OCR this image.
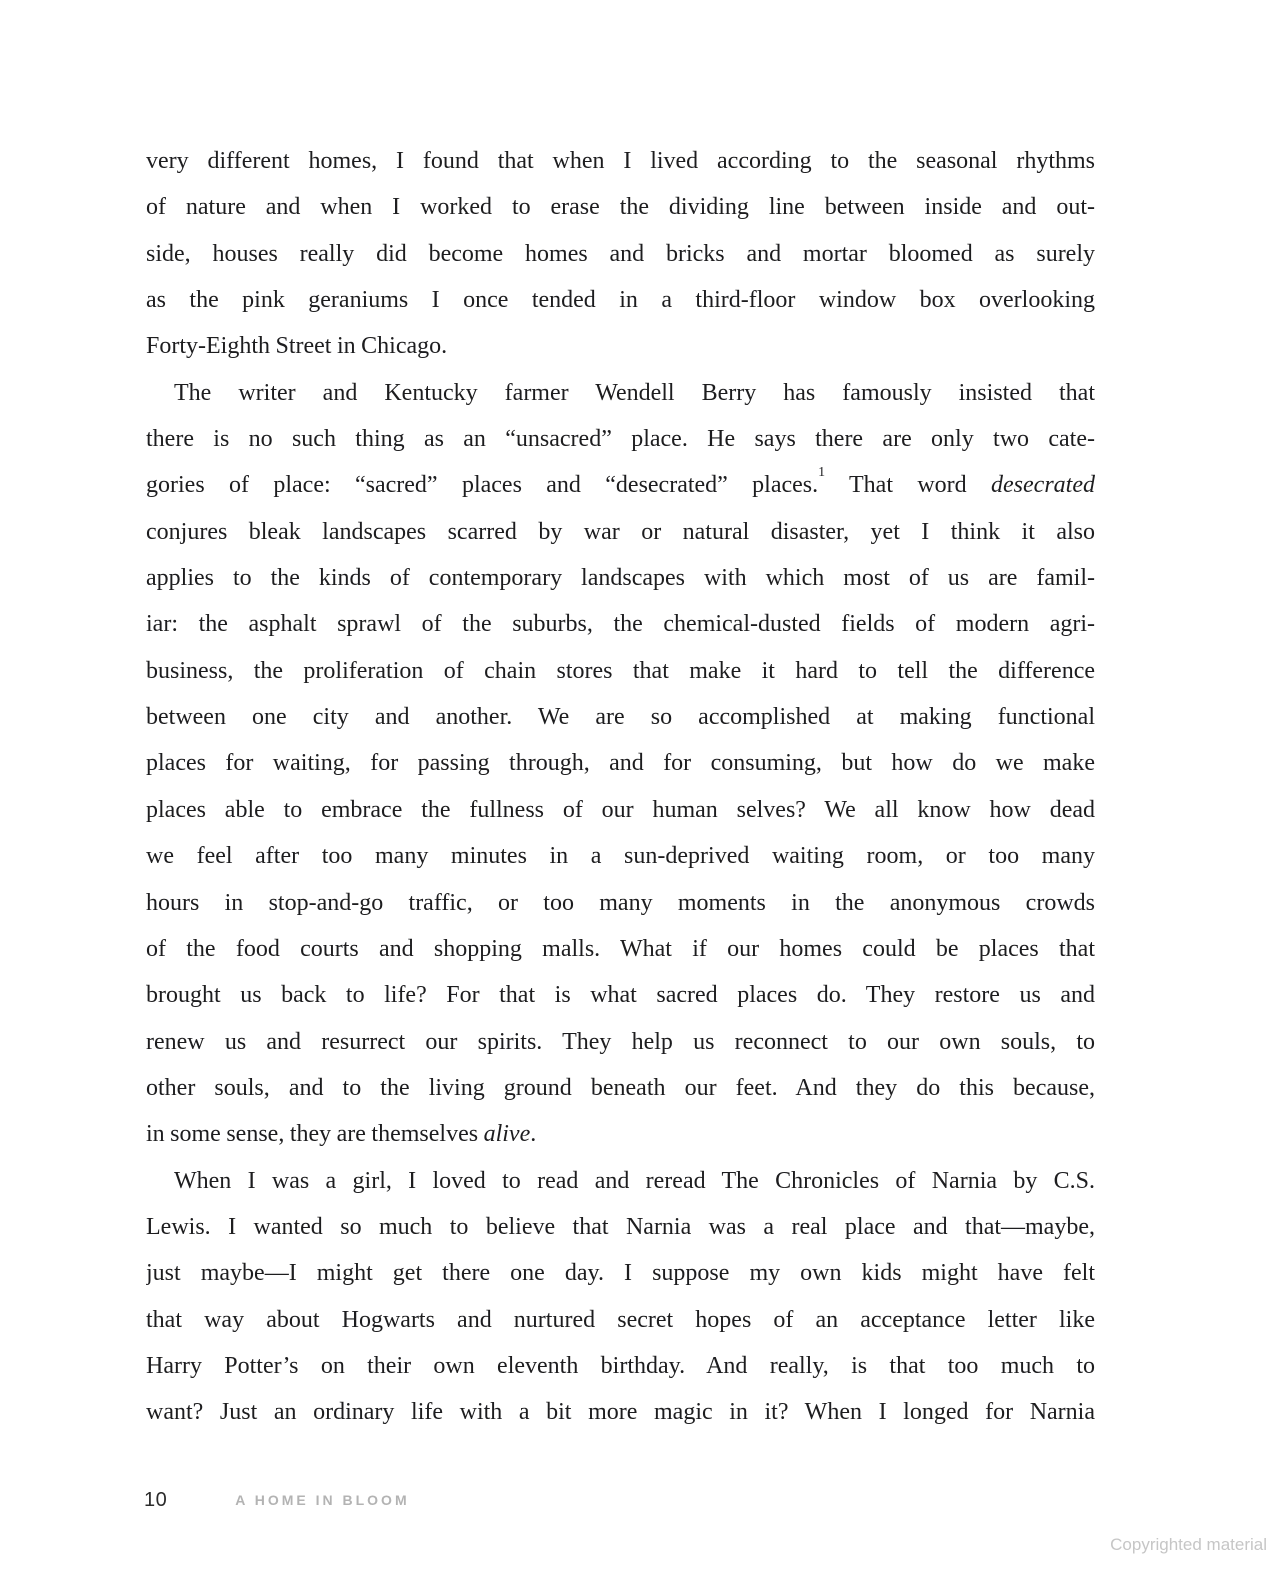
very different homes, I found that when I lived according to the seasonal rhythms
of nature and when I worked to erase the dividing line between inside and out-
side, houses really did become homes and bricks and mortar bloomed as surely
as the pink geraniums I once tended in a third-floor window box overlooking
Forty-Eighth Street in Chicago.
The writer and Kentucky farmer Wendell Berry has famously insisted that
there is no such thing as an “unsacred” place. He says there are only two cate-
gories of place: “sacred” places and “desecrated” places.$^1$ That word desecrated
conjures bleak landscapes scarred by war or natural disaster, yet I think it also
applies to the kinds of contemporary landscapes with which most of us are famil-
iar: the asphalt sprawl of the suburbs, the chemical-dusted fields of modern agri-
business, the proliferation of chain stores that make it hard to tell the difference
between one city and another. We are so accomplished at making functional
places for waiting, for passing through, and for consuming, but how do we make
places able to embrace the fullness of our human selves? We all know how dead
we feel after too many minutes in a sun-deprived waiting room, or too many
hours in stop-and-go traffic, or too many moments in the anonymous crowds
of the food courts and shopping malls. What if our homes could be places that
brought us back to life? For that is what sacred places do. They restore us and
renew us and resurrect our spirits. They help us reconnect to our own souls, to
other souls, and to the living ground beneath our feet. And they do this because,
in some sense, they are themselves alive.
When I was a girl, I loved to read and reread The Chronicles of Narnia by C.S.
Lewis. I wanted so much to believe that Narnia was a real place and that—maybe,
just maybe—I might get there one day. I suppose my own kids might have felt
that way about Hogwarts and nurtured secret hopes of an acceptance letter like
Harry Potter’s on their own eleventh birthday. And really, is that too much to
want? Just an ordinary life with a bit more magic in it? When I longed for Narnia
10	A HOME IN BLOOM
Copyrighted material
